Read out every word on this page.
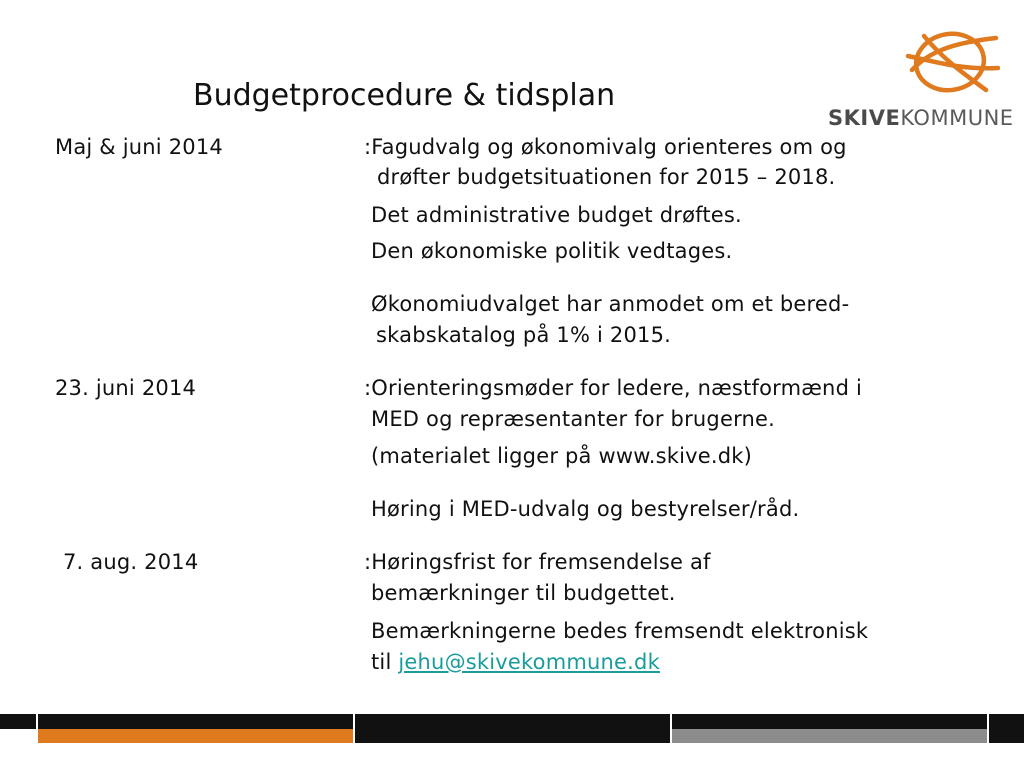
Budgetprocedure & tidsplan
SKIVEKOMMUNE
Maj & juni 2014	:Fagudvalg og økonomivalg orienteres om og
drøfter budgetsituationen for 2015 – 2018.
Det administrative budget drøftes.
Den økonomiske politik vedtages.
Økonomiudvalget har anmodet om et bered-
skabskatalog på 1% i 2015.
23. juni 2014	:Orienteringsmøder for ledere, næstformænd i
MED og repræsentanter for brugerne.
(materialet ligger på www.skive.dk)
Høring i MED-udvalg og bestyrelser/råd.
7. aug. 2014	:Høringsfrist for fremsendelse af
bemærkninger til budgettet.
Bemærkningerne bedes fremsendt elektronisk
til jehu@skivekommune.dk
